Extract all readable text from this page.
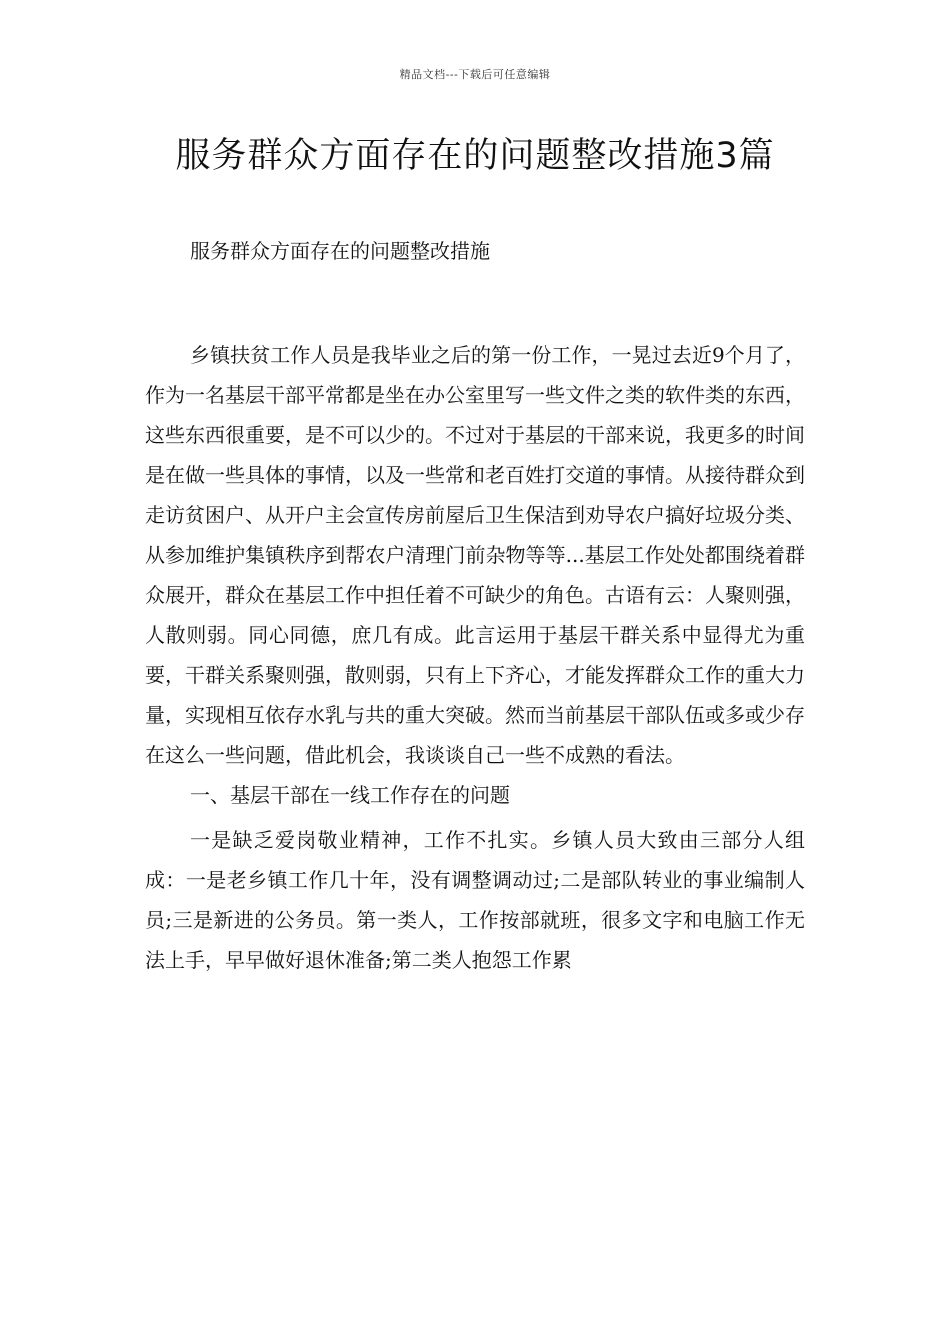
精品文档---下载后可任意编辑
服务群众方面存在的问题整改措施3篇
服务群众方面存在的问题整改措施

乡镇扶贫工作人员是我毕业之后的第一份工作，一晃过去近9个月了，作为一名基层干部平常都是坐在办公室里写一些文件之类的软件类的东西，这些东西很重要，是不可以少的。不过对于基层的干部来说，我更多的时间是在做一些具体的事情，以及一些常和老百姓打交道的事情。从接待群众到走访贫困户、从开户主会宣传房前屋后卫生保洁到劝导农户搞好垃圾分类、从参加维护集镇秩序到帮农户清理门前杂物等等...基层工作处处都围绕着群众展开，群众在基层工作中担任着不可缺少的角色。古语有云：人聚则强，人散则弱。同心同德，庶几有成。此言运用于基层干群关系中显得尤为重要，干群关系聚则强，散则弱，只有上下齐心，才能发挥群众工作的重大力量，实现相互依存水乳与共的重大突破。然而当前基层干部队伍或多或少存在这么一些问题，借此机会，我谈谈自己一些不成熟的看法。

一、基层干部在一线工作存在的问题

一是缺乏爱岗敬业精神，工作不扎实。乡镇人员大致由三部分人组成：一是老乡镇工作几十年，没有调整调动过;二是部队转业的事业编制人员;三是新进的公务员。第一类人，工作按部就班，很多文字和电脑工作无法上手，早早做好退休准备;第二类人抱怨工作累
